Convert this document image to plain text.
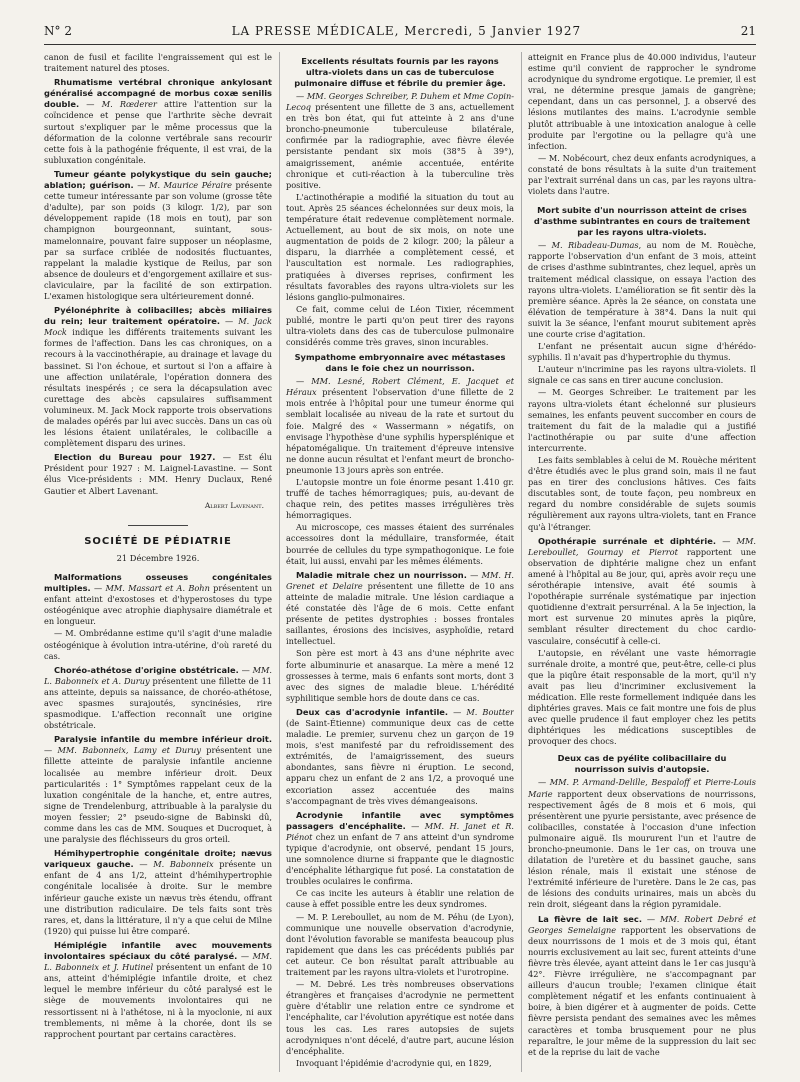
N° 2	LA PRESSE MÉDICALE, Mercredi, 5 Janvier 1927	21

canon de fusil et facilite l'engraissement qui est le traitement naturel des ptoses.

Rhumatisme vertébral chronique ankylosant généralisé accompagné de morbus coxæ senilis double. — M. Rœderer attire l'attention sur la coïncidence et pense que l'arthrite sèche devrait surtout s'expliquer par le même processus que la déformation de la colonne vertébrale sans recourir cette fois à la pathogénie fréquente, il est vrai, de la subluxation congénitale.

Tumeur géante polykystique du sein gauche; ablation; guérison. — M. Maurice Péraire présente cette tumeur intéressante par son volume (grosse tête d'adulte), par son poids (3 kilogr. 1/2), par son développement rapide (18 mois en tout), par son champignon bourgeonnant, suintant, sous-mamelonnaire, pouvant faire supposer un néoplasme, par sa surface criblée de nodosités fluctuantes, rappelant la maladie kystique de Reilus, par son absence de douleurs et d'engorgement axillaire et sus-claviculaire, par la facilité de son extirpation. L'examen histologique sera ultérieurement donné.

Pyélonéphrite à colibacilles; abcès miliaires du rein; leur traitement opératoire. — M. Jack Mock indique les différents traitements suivant les formes de l'affection. Dans les cas chroniques, on a recours à la vaccinothérapie, au drainage et lavage du bassinet. Si l'on échoue, et surtout si l'on a affaire à une affection unilatérale, l'opération donnera des résultats inespérés ; ce sera la décapsulation avec curettage des abcès capsulaires suffisamment volumineux. M. Jack Mock rapporte trois observations de malades opérés par lui avec succès. Dans un cas où les lésions étaient unilatérales, le colibacille a complètement disparu des urines.

Election du Bureau pour 1927. — Est élu Président pour 1927 : M. Laignel-Lavastine. — Sont élus Vice-présidents : MM. Henry Duclaux, René Gautier et Albert Lavenant.

Albert Lavenant.

SOCIÉTÉ DE PÉDIATRIE
21 Décembre 1926.

Malformations osseuses congénitales multiples. — MM. Massart et A. Bohn présentent un enfant atteint d'exostoses et d'hyperostoses du type ostéogénique avec atrophie diaphysaire diamétrale et en longueur.

— M. Ombrédanne estime qu'il s'agit d'une maladie ostéogénique à évolution intra-utérine, d'où rareté du cas.

Choréo-athétose d'origine obstétricale. — MM. L. Babonneix et A. Duruy présentent une fillette de 11 ans atteinte, depuis sa naissance, de choréo-athétose, avec spasmes surajoutés, syncinésies, rire spasmodique. L'affection reconnaît une origine obstétricale.

Paralysie infantile du membre inférieur droit. — MM. Babonneix, Lamy et Duruy présentent une fillette atteinte de paralysie infantile ancienne localisée au membre inférieur droit. Deux particularités : 1° Symptômes rappelant ceux de la luxation congénitale de la hanche, et, entre autres, signe de Trendelenburg, attribuable à la paralysie du moyen fessier; 2° pseudo-signe de Babinski dû, comme dans les cas de MM. Souques et Ducroquet, à une paralysie des fléchisseurs du gros orteil.

Hémihypertrophie congénitale droite; nævus variqueux gauche. — M. Babonneix présente un enfant de 4 ans 1/2, atteint d'hémihypertrophie congénitale localisée à droite. Sur le membre inférieur gauche existe un nævus très étendu, offrant une distribution radiculaire. De tels faits sont très rares, et, dans la littérature, il n'y a que celui de Milne (1920) qui puisse lui être comparé.

Hémiplégie infantile avec mouvements involontaires spéciaux du côté paralysé. — MM. L. Babonneix et J. Hutinel présentent un enfant de 10 ans, atteint d'hémiplégie infantile droite, et chez lequel le membre inférieur du côté paralysé est le siège de mouvements involontaires qui ne ressortissent ni à l'athétose, ni à la myoclonie, ni aux tremblements, ni même à la chorée, dont ils se rapprochent pourtant par certains caractères.

Excellents résultats fournis par les rayons ultra-violets dans un cas de tuberculose pulmonaire diffuse et fébrile du premier âge.

— MM. Georges Schreiber, P. Duhem et Mme Copin-Lecoq présentent une fillette de 3 ans, actuellement en très bon état, qui fut atteinte à 2 ans d'une broncho-pneumonie tuberculeuse bilatérale, confirmée par la radiographie, avec fièvre élevée persistante pendant six mois (38°5 à 39°), amaigrissement, anémie accentuée, entérite chronique et cuti-réaction à la tuberculine très positive.

L'actinothérapie a modifié la situation du tout au tout. Après 25 séances échelonnées sur deux mois, la température était redevenue complètement normale. Actuellement, au bout de six mois, on note une augmentation de poids de 2 kilogr. 200; la pâleur a disparu, la diarrhée a complètement cessé, et l'auscultation est normale. Les radiographies, pratiquées à diverses reprises, confirment les résultats favorables des rayons ultra-violets sur les lésions ganglio-pulmonaires.

Ce fait, comme celui de Léon Tixier, récemment publié, montre le parti qu'on peut tirer des rayons ultra-violets dans des cas de tuberculose pulmonaire considérés comme très graves, sinon incurables.

Sympathome embryonnaire avec métastases dans le foie chez un nourrisson.

— MM. Lesné, Robert Clément, E. Jacquet et Héraux présentent l'observation d'une fillette de 2 mois entrée à l'hôpital pour une tumeur énorme qui semblait localisée au niveau de la rate et surtout du foie. Malgré des « Wassermann » négatifs, on envisage l'hypothèse d'une syphilis hypersplénique et hépatomégalique. Un traitement d'épreuve intensive ne donne aucun résultat et l'enfant meurt de broncho-pneumonie 13 jours après son entrée.

L'autopsie montre un foie énorme pesant 1.410 gr. truffé de taches hémorragiques; puis, au-devant de chaque rein, des petites masses irrégulières très hémorragiques.

Au microscope, ces masses étaient des surrénales accessoires dont la médullaire, transformée, était bourrée de cellules du type sympathogonique. Le foie était, lui aussi, envahi par les mêmes éléments.

Maladie mitrale chez un nourrisson. — MM. H. Grenet et Delaire présentent une fillette de 10 ans atteinte de maladie mitrale. Une lésion cardiaque a été constatée dès l'âge de 6 mois. Cette enfant présente de petites dystrophies : bosses frontales saillantes, érosions des incisives, asyphoïdie, retard intellectuel.

Son père est mort à 43 ans d'une néphrite avec forte albuminurie et anasarque. La mère a mené 12 grossesses à terme, mais 6 enfants sont morts, dont 3 avec des signes de maladie bleue. L'hérédité syphilitique semble hors de doute dans ce cas.

Deux cas d'acrodynie infantile. — M. Boutter (de Saint-Étienne) communique deux cas de cette maladie. Le premier, survenu chez un garçon de 19 mois, s'est manifesté par du refroidissement des extrémités, de l'amaigrissement, des sueurs abondantes, sans fièvre ni éruption. Le second, apparu chez un enfant de 2 ans 1/2, a provoqué une excoriation assez accentuée des mains s'accompagnant de très vives démangeaisons.

Acrodynie infantile avec symptômes passagers d'encéphalite. — MM. H. Janet et R. Piénot chez un enfant de 7 ans atteint d'un syndrome typique d'acrodynie, ont observé, pendant 15 jours, une somnolence diurne si frappante que le diagnostic d'encéphalite léthargique fut posé. La constatation de troubles oculaires le confirma.

Ce cas incite les auteurs à établir une relation de cause à effet possible entre les deux syndromes.

— M. P. Lereboullet, au nom de M. Péhu (de Lyon), communique une nouvelle observation d'acrodynie, dont l'évolution favorable se manifesta beaucoup plus rapidement que dans les cas précédents publiés par cet auteur. Ce bon résultat paraît attribuable au traitement par les rayons ultra-violets et l'urotropine.

— M. Debré. Les très nombreuses observations étrangères et françaises d'acrodynie ne permettent guère d'établir une relation entre ce syndrome et l'encéphalite, car l'évolution apyrétique est notée dans tous les cas. Les rares autopsies de sujets acrodyniques n'ont décelé, d'autre part, aucune lésion d'encéphalite.

Invoquant l'épidémie d'acrodynie qui, en 1829,

atteignit en France plus de 40.000 individus, l'auteur estime qu'il convient de rapprocher le syndrome acrodynique du syndrome ergotique. Le premier, il est vrai, ne détermine presque jamais de gangrène; cependant, dans un cas personnel, J. a observé des lésions mutilantes des mains. L'acrodynie semble plutôt attribuable à une intoxication analogue à celle produite par l'ergotine ou la pellagre qu'à une infection.

— M. Nobécourt, chez deux enfants acrodyniques, a constaté de bons résultats à la suite d'un traitement par l'extrait surrénal dans un cas, par les rayons ultra-violets dans l'autre.

Mort subite d'un nourrisson atteint de crises d'asthme subintrantes en cours de traitement par les rayons ultra-violets.

— M. Ribadeau-Dumas, au nom de M. Rouèche, rapporte l'observation d'un enfant de 3 mois, atteint de crises d'asthme subintrantes, chez lequel, après un traitement médical classique, on essaya l'action des rayons ultra-violets. L'amélioration se fit sentir dès la première séance. Après la 2e séance, on constata une élévation de température à 38°4. Dans la nuit qui suivit la 3e séance, l'enfant mourut subitement après une courte crise d'agitation.

L'enfant ne présentait aucun signe d'hérédo-syphilis. Il n'avait pas d'hypertrophie du thymus.

L'auteur n'incrimine pas les rayons ultra-violets. Il signale ce cas sans en tirer aucune conclusion.

— M. Georges Schreiber. Le traitement par les rayons ultra-violets étant échelonné sur plusieurs semaines, les enfants peuvent succomber en cours de traitement du fait de la maladie qui a justifié l'actinothérapie ou par suite d'une affection intercurrente.

Les faits semblables à celui de M. Rouèche méritent d'être étudiés avec le plus grand soin, mais il ne faut pas en tirer des conclusions hâtives. Ces faits discutables sont, de toute façon, peu nombreux en regard du nombre considérable de sujets soumis régulièrement aux rayons ultra-violets, tant en France qu'à l'étranger.

Opothérapie surrénale et diphtérie. — MM. Lereboullet, Gournay et Pierrot rapportent une observation de diphtérie maligne chez un enfant amené à l'hôpital au 8e jour, qui, après avoir reçu une sérothérapie intensive, avait été soumis à l'opothérapie surrénale systématique par injection quotidienne d'extrait persurrénal. A la 5e injection, la mort est survenue 20 minutes après la piqûre, semblant résulter directement du choc cardio-vasculaire, consécutif à celle-ci.

L'autopsie, en révélant une vaste hémorragie surrénale droite, a montré que, peut-être, celle-ci plus que la piqûre était responsable de la mort, qu'il n'y avait pas lieu d'incriminer exclusivement la médication. Elle reste formellement indiquée dans les diphtéries graves. Mais ce fait montre une fois de plus avec quelle prudence il faut employer chez les petits diphtériques les médications susceptibles de provoquer des chocs.

Deux cas de pyélite colibacillaire du nourrisson suivis d'autopsie.

— MM. P. Armand-Delille, Bespaloff et Pierre-Louis Marie rapportent deux observations de nourrissons, respectivement âgés de 8 mois et 6 mois, qui présentèrent une pyurie persistante, avec présence de colibacilles, constatée à l'occasion d'une infection pulmonaire aiguë. Ils moururent l'un et l'autre de broncho-pneumonie. Dans le 1er cas, on trouva une dilatation de l'uretère et du bassinet gauche, sans lésion rénale, mais il existait une sténose de l'extrémité inférieure de l'uretère. Dans le 2e cas, pas de lésions des conduits urinaires, mais un abcès du rein droit, siégeant dans la région pyramidale.

La fièvre de lait sec. — MM. Robert Debré et Georges Semelaigne rapportent les observations de deux nourrissons de 1 mois et de 3 mois qui, étant nourris exclusivement au lait sec, furent atteints d'une fièvre très élevée, ayant atteint dans le 1er cas jusqu'à 42°. Fièvre irrégulière, ne s'accompagnant par ailleurs d'aucun trouble; l'examen clinique était complètement négatif et les enfants continuaient à boire, à bien digérer et à augmenter de poids. Cette fièvre persista pendant des semaines avec les mêmes caractères et tomba brusquement pour ne plus reparaître, le jour même de la suppression du lait sec et de la reprise du lait de vache
